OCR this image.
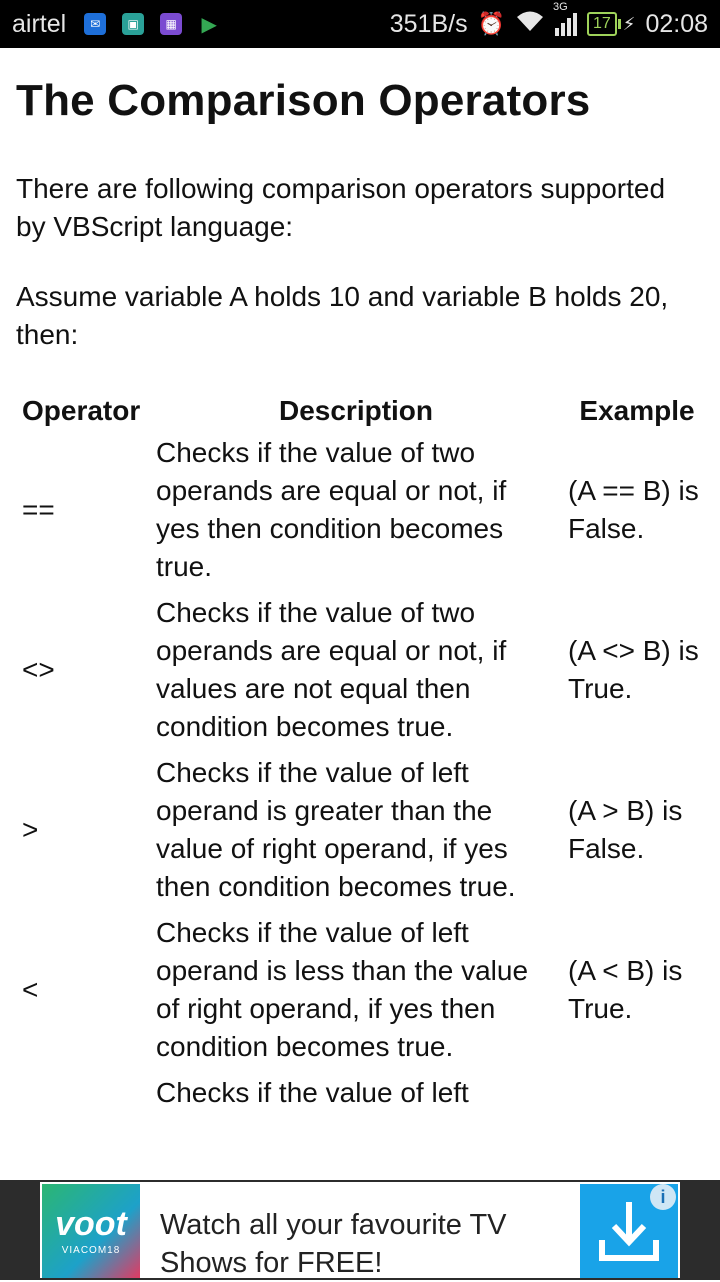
airtel	✉	▣	▦ ▶	351B/s ⏰
3G
17 ⚡ 02:08
The Comparison Operators
There are following comparison operators supported by VBScript language:
Assume variable A holds 10 and variable B holds 20, then:
Operator	Description	Example
==	Checks if the value of two operands are equal or not, if yes then condition becomes true.	(A == B) is False.
<>	Checks if the value of two operands are equal or not, if values are not equal then condition becomes true.	(A <> B) is True.
>	Checks if the value of left operand is greater than the value of right operand, if yes then condition becomes true.	(A > B) is False.
<	Checks if the value of left operand is less than the value of right operand, if yes then condition becomes true.	(A < B) is True.
	Checks if the value of left	
voot
VIACOM18
Watch all your favourite TV Shows for FREE!
i
